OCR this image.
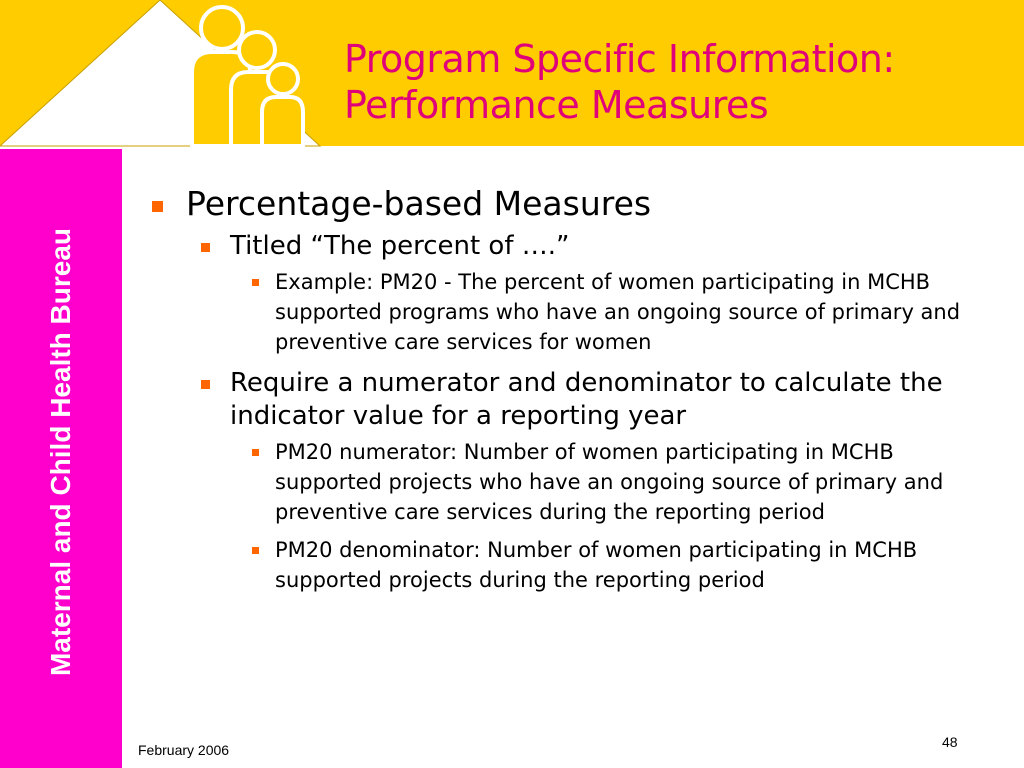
Program Specific Information:
Performance Measures
Maternal and Child Health Bureau
Percentage-based Measures
Titled “The percent of ….”
Example: PM20 - The percent of women participating in MCHB supported programs who have an ongoing source of primary and preventive care services for women
Require a numerator and denominator to calculate the indicator value for a reporting year
PM20 numerator: Number of women participating in MCHB supported projects who have an ongoing source of primary and preventive care services during the reporting period
PM20 denominator: Number of women participating in MCHB supported projects during the reporting period
February 2006	48
